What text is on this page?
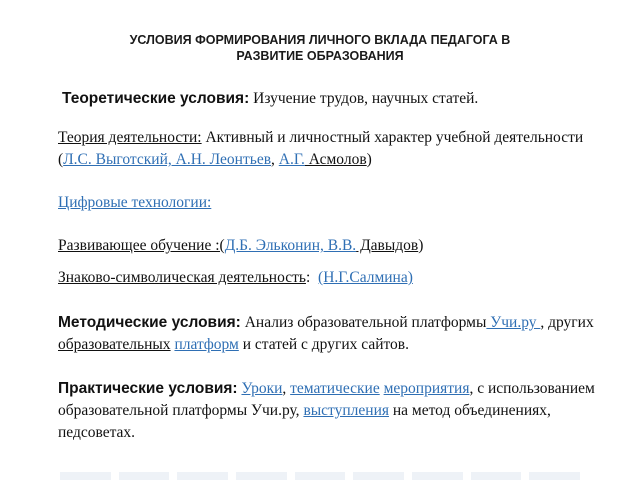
УСЛОВИЯ ФОРМИРОВАНИЯ ЛИЧНОГО ВКЛАДА ПЕДАГОГА В
РАЗВИТИЕ ОБРАЗОВАНИЯ
Теоретические условия: Изучение трудов, научных статей.
Теория деятельности: Активный и личностный характер учебной деятельности (Л.С. Выготский, А.Н. Леонтьев, А.Г. Асмолов)
Цифровые технологии:
Развивающее обучение :(Д.Б. Эльконин, В.В. Давыдов)
Знаково-символическая деятельность:  (Н.Г.Салмина)
Методические условия: Анализ образовательной платформы Учи.ру , других образовательных платформ и статей с других сайтов.
Практические условия: Уроки, тематические мероприятия, с использованием образовательной платформы Учи.ру, выступления на метод объединениях, педсоветах.
